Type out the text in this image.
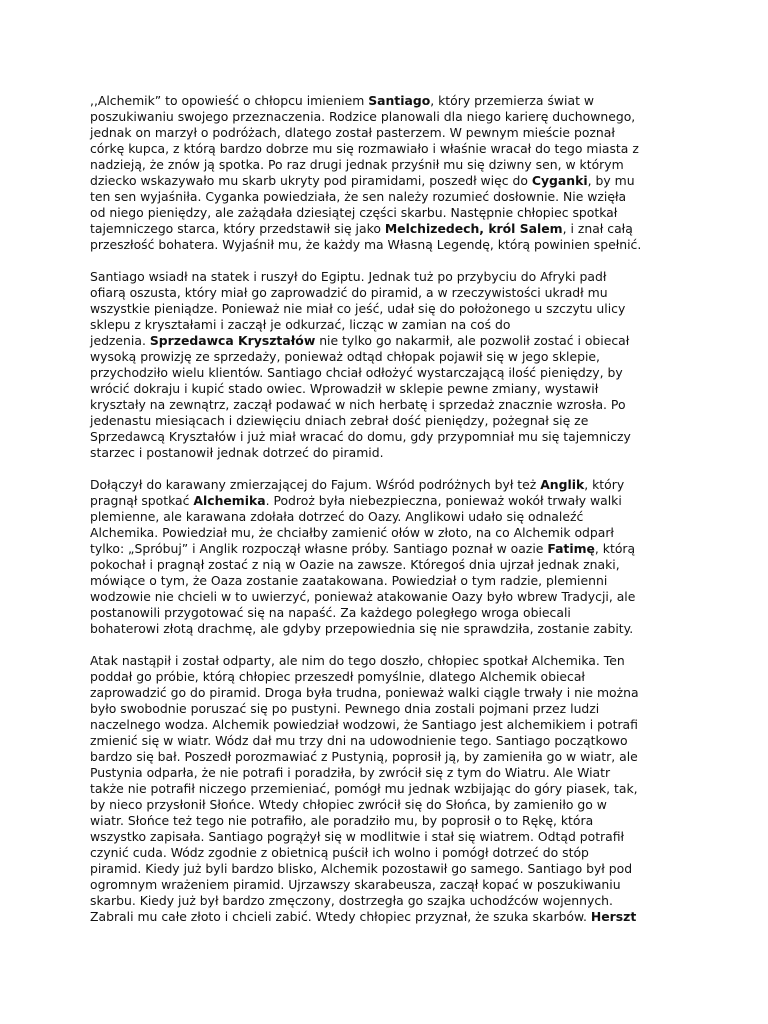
,,Alchemik” to opowieść o chłopcu imieniem Santiago, który przemierza świat w
poszukiwaniu swojego przeznaczenia. Rodzice planowali dla niego karierę duchownego,
jednak on marzył o podróżach, dlatego został pasterzem. W pewnym mieście poznał
córkę kupca, z którą bardzo dobrze mu się rozmawiało i właśnie wracał do tego miasta z
nadzieją, że znów ją spotka. Po raz drugi jednak przyśnił mu się dziwny sen, w którym
dziecko wskazywało mu skarb ukryty pod piramidami, poszedł więc do Cyganki, by mu
ten sen wyjaśniła. Cyganka powiedziała, że sen należy rozumieć dosłownie. Nie wzięła
od niego pieniędzy, ale zażądała dziesiątej części skarbu. Następnie chłopiec spotkał
tajemniczego starca, który przedstawił się jako Melchizedech, król Salem, i znał całą
przeszłość bohatera. Wyjaśnił mu, że każdy ma Własną Legendę, którą powinien spełnić.
Santiago wsiadł na statek i ruszył do Egiptu. Jednak tuż po przybyciu do Afryki padł
ofiarą oszusta, który miał go zaprowadzić do piramid, a w rzeczywistości ukradł mu
wszystkie pieniądze. Ponieważ nie miał co jeść, udał się do położonego u szczytu ulicy
sklepu z kryształami i zaczął je odkurzać, licząc w zamian na coś do
jedzenia. Sprzedawca Kryształów nie tylko go nakarmił, ale pozwolił zostać i obiecał
wysoką prowizję ze sprzedaży, ponieważ odtąd chłopak pojawił się w jego sklepie,
przychodziło wielu klientów. Santiago chciał odłożyć wystarczającą ilość pieniędzy, by
wrócić dokraju i kupić stado owiec. Wprowadził w sklepie pewne zmiany, wystawił
kryształy na zewnątrz, zaczął podawać w nich herbatę i sprzedaż znacznie wzrosła. Po
jedenastu miesiącach i dziewięciu dniach zebrał dość pieniędzy, pożegnał się ze
Sprzedawcą Kryształów i już miał wracać do domu, gdy przypomniał mu się tajemniczy
starzec i postanowił jednak dotrzeć do piramid.
Dołączył do karawany zmierzającej do Fajum. Wśród podróżnych był też Anglik, który
pragnął spotkać Alchemika. Podroż była niebezpieczna, ponieważ wokół trwały walki
plemienne, ale karawana zdołała dotrzeć do Oazy. Anglikowi udało się odnaleźć
Alchemika. Powiedział mu, że chciałby zamienić ołów w złoto, na co Alchemik odparł
tylko: „Spróbuj” i Anglik rozpoczął własne próby. Santiago poznał w oazie Fatimę, którą
pokochał i pragnął zostać z nią w Oazie na zawsze. Któregoś dnia ujrzał jednak znaki,
mówiące o tym, że Oaza zostanie zaatakowana. Powiedział o tym radzie, plemienni
wodzowie nie chcieli w to uwierzyć, ponieważ atakowanie Oazy było wbrew Tradycji, ale
postanowili przygotować się na napaść. Za każdego poległego wroga obiecali
bohaterowi złotą drachmę, ale gdyby przepowiednia się nie sprawdziła, zostanie zabity.
Atak nastąpił i został odparty, ale nim do tego doszło, chłopiec spotkał Alchemika. Ten
poddał go próbie, którą chłopiec przeszedł pomyślnie, dlatego Alchemik obiecał
zaprowadzić go do piramid. Droga była trudna, ponieważ walki ciągle trwały i nie można
było swobodnie poruszać się po pustyni. Pewnego dnia zostali pojmani przez ludzi
naczelnego wodza. Alchemik powiedział wodzowi, że Santiago jest alchemikiem i potrafi
zmienić się w wiatr. Wódz dał mu trzy dni na udowodnienie tego. Santiago początkowo
bardzo się bał. Poszedł porozmawiać z Pustynią, poprosił ją, by zamieniła go w wiatr, ale
Pustynia odparła, że nie potrafi i poradziła, by zwrócił się z tym do Wiatru. Ale Wiatr
także nie potrafił niczego przemieniać, pomógł mu jednak wzbijając do góry piasek, tak,
by nieco przysłonił Słońce. Wtedy chłopiec zwrócił się do Słońca, by zamieniło go w
wiatr. Słońce też tego nie potrafiło, ale poradziło mu, by poprosił o to Rękę, która
wszystko zapisała. Santiago pogrążył się w modlitwie i stał się wiatrem. Odtąd potrafił
czynić cuda. Wódz zgodnie z obietnicą puścił ich wolno i pomógł dotrzeć do stóp
piramid. Kiedy już byli bardzo blisko, Alchemik pozostawił go samego. Santiago był pod
ogromnym wrażeniem piramid. Ujrzawszy skarabeusza, zaczął kopać w poszukiwaniu
skarbu. Kiedy już był bardzo zmęczony, dostrzegła go szajka uchodźców wojennych.
Zabrali mu całe złoto i chcieli zabić. Wtedy chłopiec przyznał, że szuka skarbów. Herszt
